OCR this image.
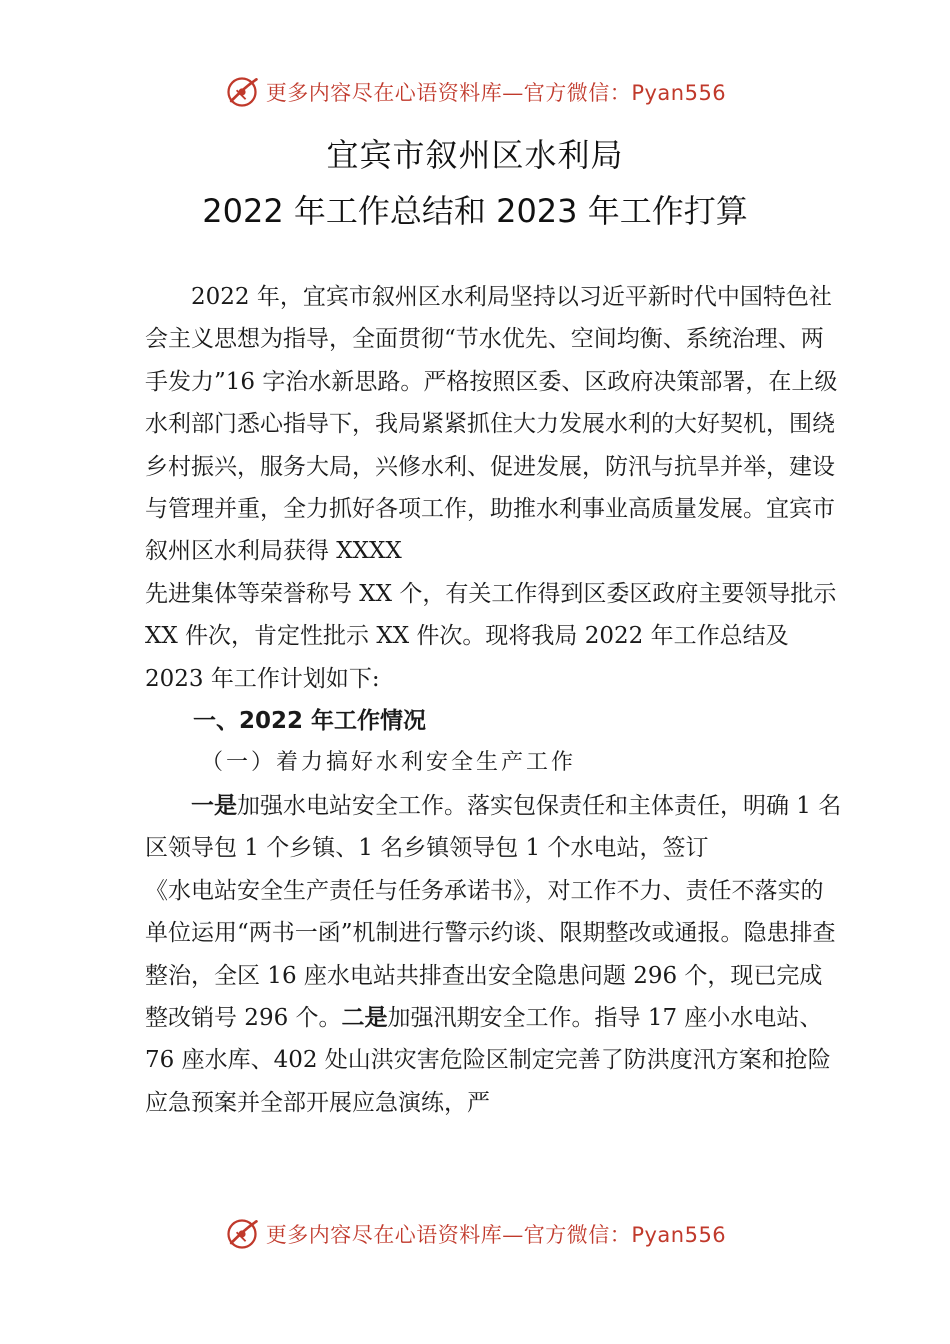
更多内容尽在心语资料库—官方微信：Pyan556
宜宾市叙州区水利局
2022 年工作总结和 2023 年工作打算

2022 年，宜宾市叙州区水利局坚持以习近平新时代中国特色社会主义思想为指导，全面贯彻“节水优先、空间均衡、系统治理、两手发力”16 字治水新思路。严格按照区委、区政府决策部署，在上级水利部门悉心指导下，我局紧紧抓住大力发展水利的大好契机，围绕乡村振兴，服务大局，兴修水利、促进发展，防汛与抗旱并举，建设与管理并重，全力抓好各项工作，助推水利事业高质量发展。宜宾市叙州区水利局获得 XXXX

先进集体等荣誉称号 XX 个，有关工作得到区委区政府主要领导批示 XX 件次，肯定性批示 XX 件次。现将我局 2022 年工作总结及 2023 年工作计划如下:

一、2022 年工作情况

（一）着力搞好水利安全生产工作

一是加强水电站安全工作。落实包保责任和主体责任，明确 1 名区领导包 1 个乡镇、1 名乡镇领导包 1 个水电站，签订

《水电站安全生产责任与任务承诺书》，对工作不力、责任不落实的单位运用“两书一函”机制进行警示约谈、限期整改或通报。隐患排查整治，全区 16 座水电站共排查出安全隐患问题 296 个，现已完成整改销号 296 个。二是加强汛期安全工作。指导 17 座小水电站、76 座水库、402 处山洪灾害危险区制定完善了防洪度汛方案和抢险应急预案并全部开展应急演练，严

更多内容尽在心语资料库—官方微信：Pyan556
